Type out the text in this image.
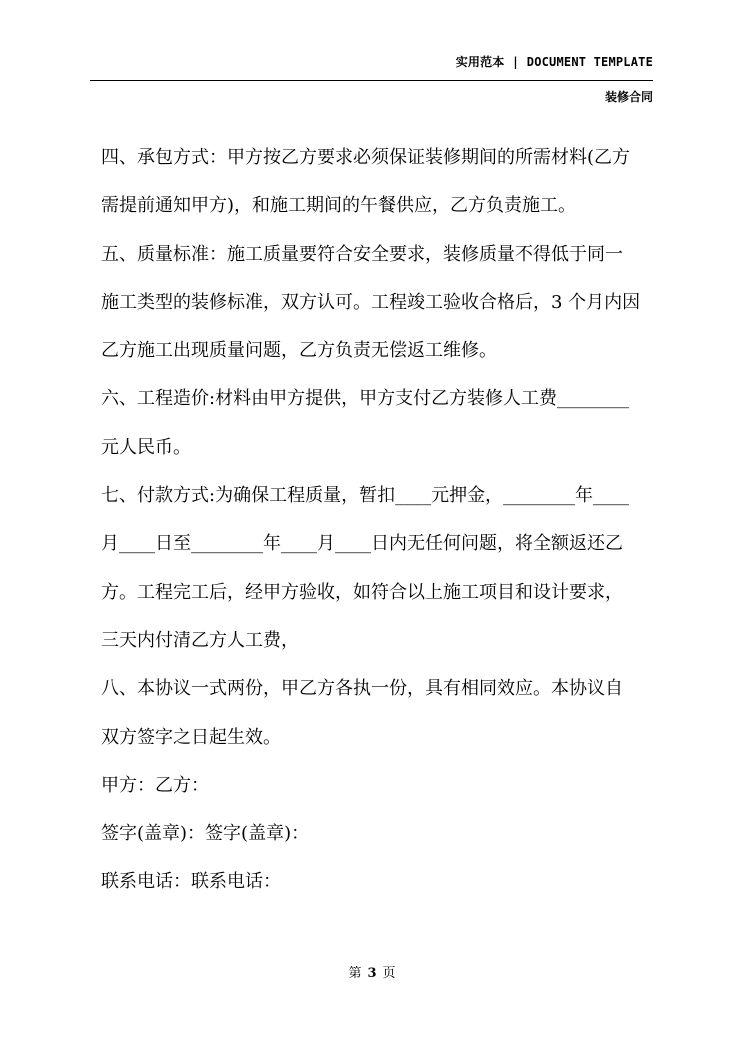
实用范本 | DOCUMENT TEMPLATE
装修合同
四、承包方式：甲方按乙方要求必须保证装修期间的所需材料(乙方
需提前通知甲方)，和施工期间的午餐供应，乙方负责施工。
五、质量标准：施工质量要符合安全要求，装修质量不得低于同一
施工类型的装修标准，双方认可。工程竣工验收合格后，3 个月内因
乙方施工出现质量问题，乙方负责无偿返工维修。
六、工程造价:材料由甲方提供，甲方支付乙方装修人工费________
元人民币。
七、付款方式:为确保工程质量，暂扣____元押金，________年____
月____日至________年____月____日内无任何问题，将全额返还乙
方。工程完工后，经甲方验收，如符合以上施工项目和设计要求，
三天内付清乙方人工费，
八、本协议一式两份，甲乙方各执一份，具有相同效应。本协议自
双方签字之日起生效。
甲方：乙方：
签字(盖章)：签字(盖章)：
联系电话：联系电话：
第 3 页
